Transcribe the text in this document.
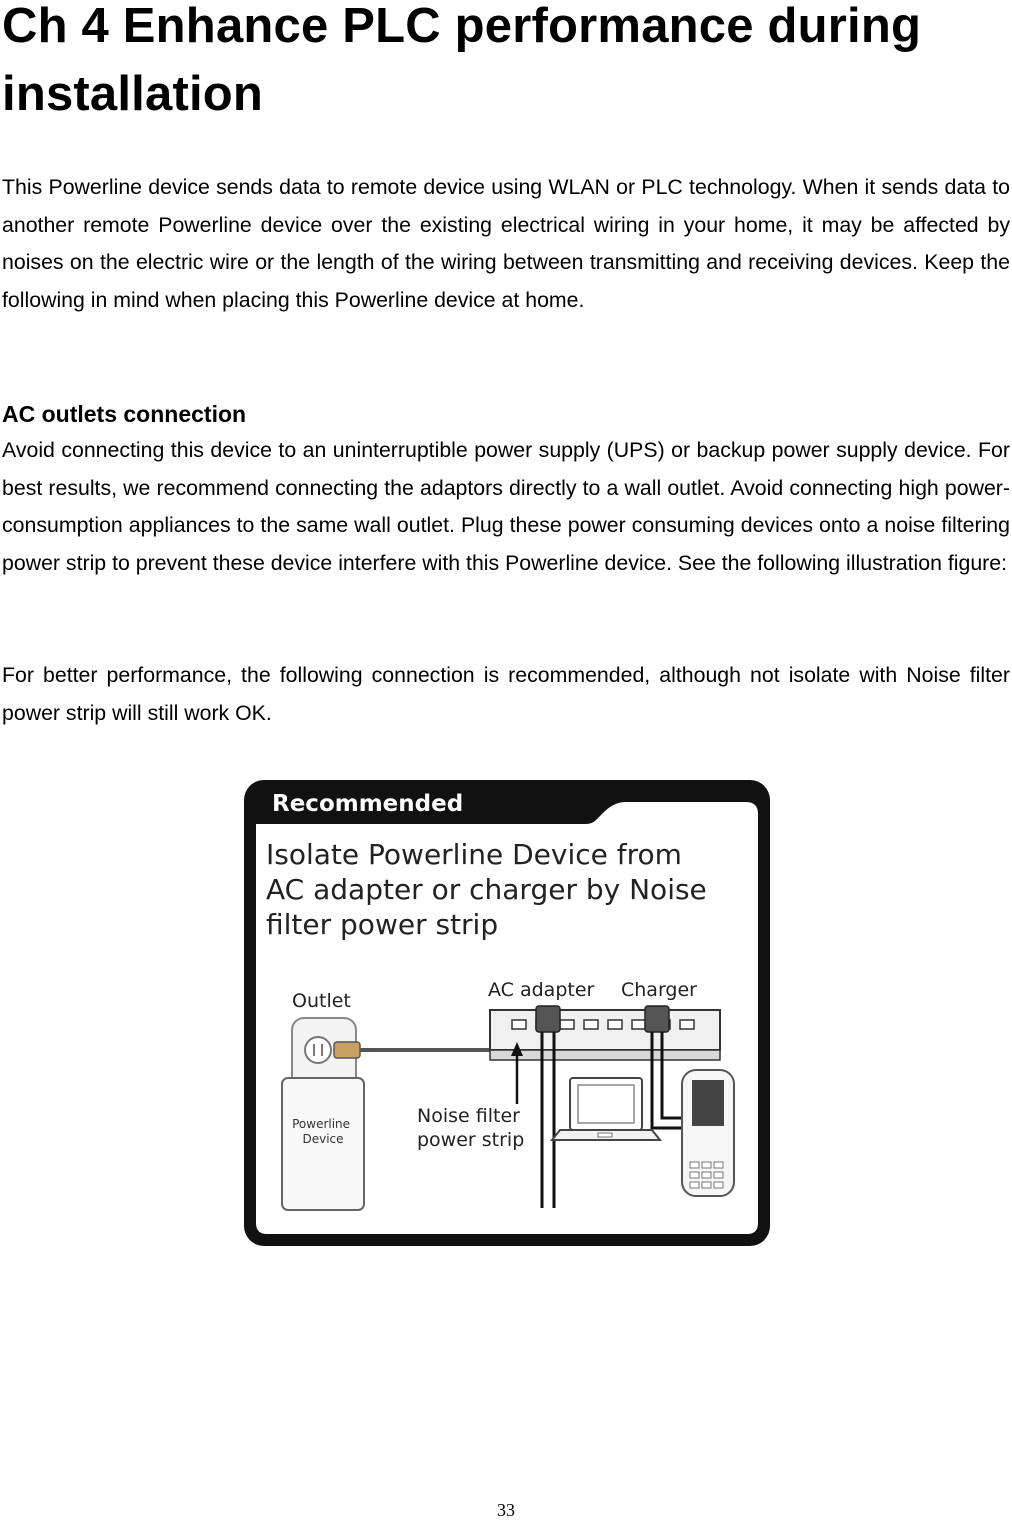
Ch 4 Enhance PLC performance during installation

This Powerline device sends data to remote device using WLAN or PLC technology. When it sends data to another remote Powerline device over the existing electrical wiring in your home, it may be affected by noises on the electric wire or the length of the wiring between transmitting and receiving devices. Keep the following in mind when placing this Powerline device at home.

AC outlets connection

Avoid connecting this device to an uninterruptible power supply (UPS) or backup power supply device. For best results, we recommend connecting the adaptors directly to a wall outlet. Avoid connecting high power-consumption appliances to the same wall outlet. Plug these power consuming devices onto a noise filtering power strip to prevent these device interfere with this Powerline device. See the following illustration figure:

For better performance, the following connection is recommended, although not isolate with Noise filter power strip will still work OK.

Recommended
Isolate Powerline Device from AC adapter or charger by Noise filter power strip
Outlet
Powerline Device
AC adapter Charger
Noise filter power strip
33
